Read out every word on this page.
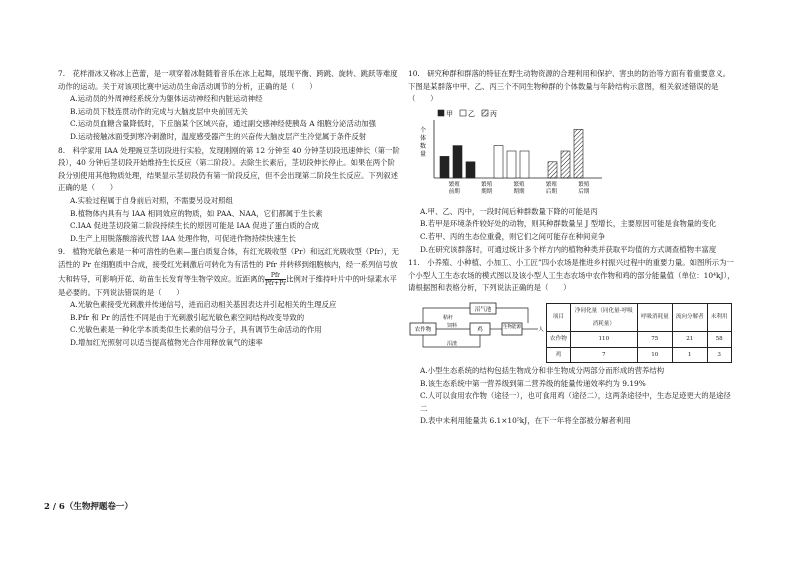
7.　花样滑冰又称冰上芭蕾，是一项穿着冰鞋随着音乐在冰上起舞，展现平衡、跨跳、旋转、跳跃等难度动作的运动。关于对该项比赛中运动员生命活动调节的分析，正确的是（　　）

A.运动员的外周神经系统分为躯体运动神经和内脏运动神经

B.运动员下肢连贯动作的完成与大脑皮层中央前回无关

C.运动员血糖含量降低时，下丘脑某个区域兴奋，通过副交感神经使胰岛 A 细胞分泌活动加强

D.运动接触冰面受到寒冷刺激时，温度感受器产生的兴奋传大脑皮层产生冷觉属于条件反射

8.　科学家用 IAA 处理豌豆茎切段进行实验，发现刚刚的第 12 分钟至 40 分钟茎切段迅速伸长（第一阶段），40 分钟后茎切段开始维持生长反应（第二阶段）。去除生长素后，茎切段伸长停止。如果在两个阶段分别使用其他物质处理，结果显示茎切段仍有第一阶段反应，但不会出现第二阶段生长反应。下列叙述正确的是（　　）

A.实验过程属于自身前后对照，不需要另设对照组

B.植物体内具有与 IAA 相同效应的物质，如 PAA、NAA，它们都属于生长素

C.IAA 促进茎切段第二阶段持续生长的原因可能是 IAA 促进了蛋白质的合成

D.生产上用脱落酸溶液代替 IAA 处理作物，可促进作物持续快速生长

9.　植物光敏色素是一种可溶性的色素—蛋白质复合体，有红光吸收型（Pr）和远红光吸收型（Pfr），无活性的 Pr 在细胞质中合成，接受红光刺激后可转化为有活性的 Pfr 并转移到细胞核内，经一系列信号放大和转导，可影响开花、幼苗生长发育等生物学效应。近距离的 $\frac{\text{Pfr}}{\text{Pfr+Pr}}$比例对于维持叶片中的叶绿素水平是必要的。下列说法错误的是（　　）

A.光敏色素接受光刺激并传递信号，进而启动相关基因表达并引起相关的生理反应

B.Pfr 和 Pr 的活性不同是由于光刺激引起光敏色素空间结构改变导致的

C.光敏色素是一种化学本质类似生长素的信号分子，具有调节生命活动的作用

D.增加红光照射可以适当提高植物光合作用释放氧气的速率

10.　研究种群和群落的特征在野生动物资源的合理利用和保护、害虫的防治等方面有着重要意义。下图是某群落中甲、乙、丙三个不同生物种群的个体数量与年龄结构示意图，相关叙述错误的是（　　）

个
体
数
量
甲 乙 丙
繁殖
前期
繁殖
期期
繁殖
期期
繁殖
后期
繁殖
后期

A.甲、乙、丙中，一段时间后种群数量下降的可能是丙

B.若甲是环境条件较好处的动物，则其种群数量呈 J 型增长，主要原因可能是食物量的变化

C.若甲、丙的生态位重叠，则它们之间可能存在种间竞争

D.在研究该群落时，可通过统计多个样方内的植物种类并获取平均值的方式调查植物丰富度

11.　小养殖、小种植、小加工、小工匠”四小农场是推进乡村振兴过程中的重要力量。如图所示为一个小型人工生态农场的模式图以及该小型人工生态农场中农作物和鸡的部分能量值（单位：10⁴kJ），请根据图和表格分析，下列说法正确的是（　　）

农作物
沼气池
鸡	生物能源	人
秸秆
饲料
沼渣
项目	净同化量（同化量-呼吸消耗量）	呼吸消耗量	流向分解者	未利用
农作物	110	75	21	58
鸡	7	10	1	3

A.小型生态系统的结构包括生物成分和非生物成分两部分而形成的营养结构

B.该生态系统中第一营养级到第二营养级的能量传递效率约为 9.19%

C.人可以食用农作物（途径一），也可食用鸡（途径二），这两条途径中，生态足迹更大的是途径二

D.表中未利用能量共 6.1×10⁵kJ，在下一年将全部被分解者利用

2 / 6（生物押题卷一）
